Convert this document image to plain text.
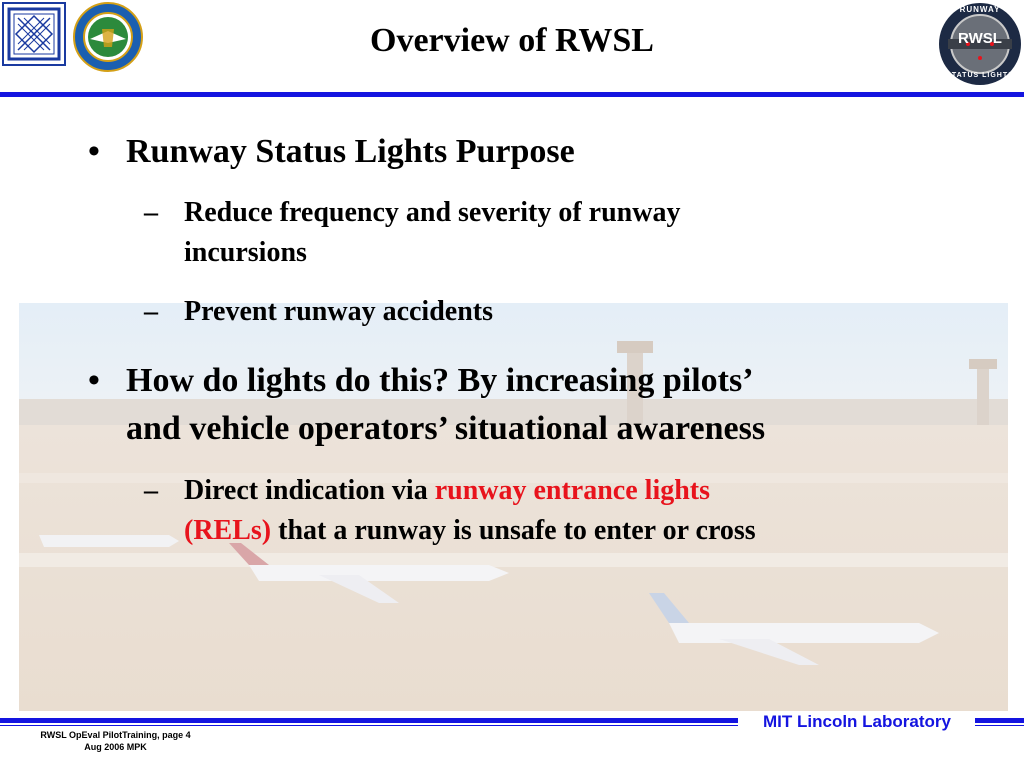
Overview of RWSL	RWSL
RUNWAY
STATUS LIGHTS
• Runway Status Lights Purpose
– Reduce frequency and severity of runway
incursions
– Prevent runway accidents
• How do lights do this? By increasing pilots’
and vehicle operators’ situational awareness
– Direct indication via runway entrance lights
(RELs) that a runway is unsafe to enter or cross
MIT Lincoln Laboratory
RWSL OpEval PilotTraining, page 4
Aug 2006 MPK
